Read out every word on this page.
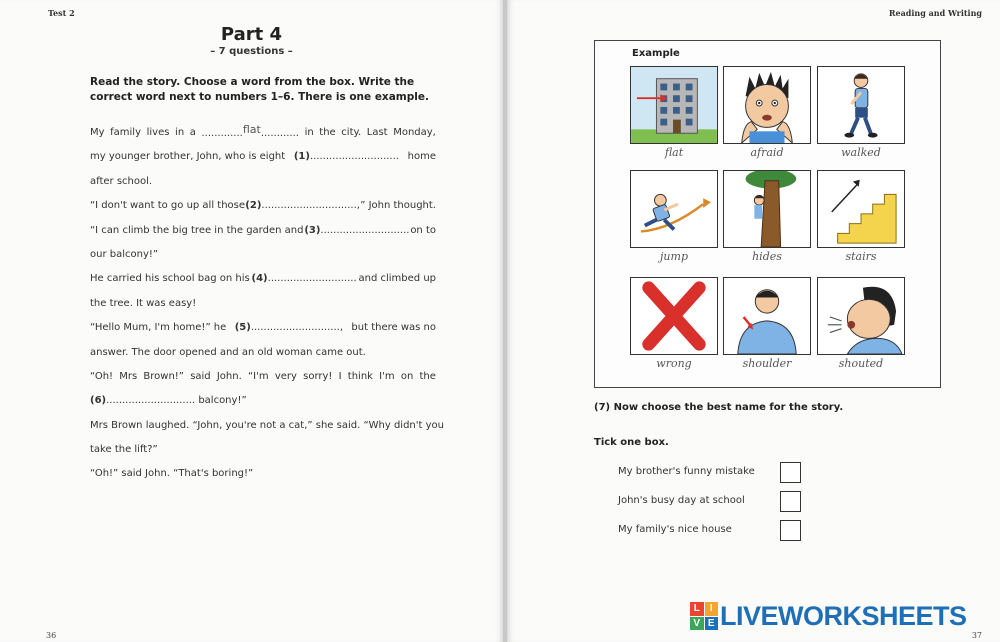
Test 2
Part 4
– 7 questions –
Read the story. Choose a word from the box. Write the correct word next to numbers 1–6. There is one example.
My family lives in a .............flat............ in the city. Last Monday,
my younger brother, John, who is eight (1)............................ home
after school.
“I don't want to go up all those (2).............................., ” John thought.
“I can climb the big tree in the garden and (3)............................ on to
our balcony!”
He carried his school bag on his (4)............................ and climbed up
the tree. It was easy!
“Hello Mum, I'm home!” he (5)............................, but there was no
answer. The door opened and an old woman came out.
“Oh! Mrs Brown!” said John. “I'm very sorry! I think I'm on the
(6)............................ balcony!”
Mrs Brown laughed. “John, you're not a cat,” she said. “Why didn't you
take the lift?”
“Oh!” said John. “That's boring!”
36
Reading and Writing
37
Example
flat	afraid	walked
jump	hides	stairs
wrong	shoulder	shouted
(7) Now choose the best name for the story.
Tick one box.
My brother's funny mistake
John's busy day at school
My family's nice house
L	I
V E LIVEWORKSHEETS
